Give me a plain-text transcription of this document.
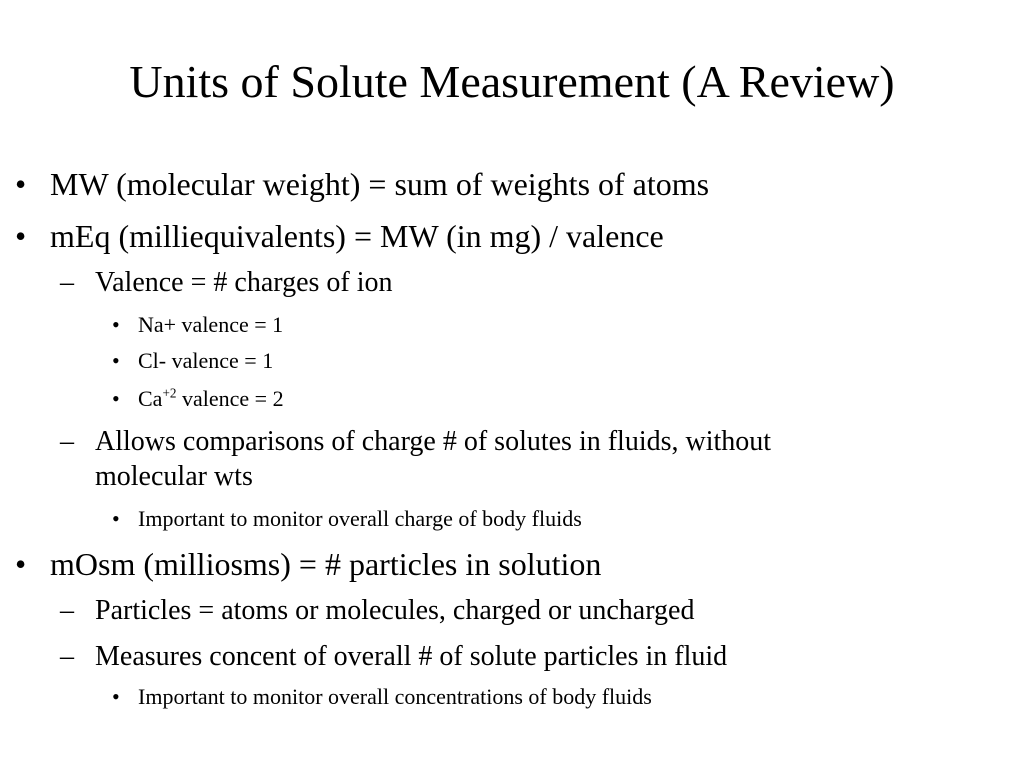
Units of Solute Measurement (A Review)
• MW (molecular weight) = sum of weights of atoms
• mEq (milliequivalents) = MW (in mg) / valence
– Valence = # charges of ion
• Na+ valence = 1
• Cl- valence = 1
• $Ca^{+2}$ valence = 2
– Allows comparisons of charge # of solutes in fluids, without
molecular wts
• Important to monitor overall charge of body fluids
• mOsm (milliosms) = # particles in solution
– Particles = atoms or molecules, charged or uncharged
– Measures concent of overall # of solute particles in fluid
• Important to monitor overall concentrations of body fluids
